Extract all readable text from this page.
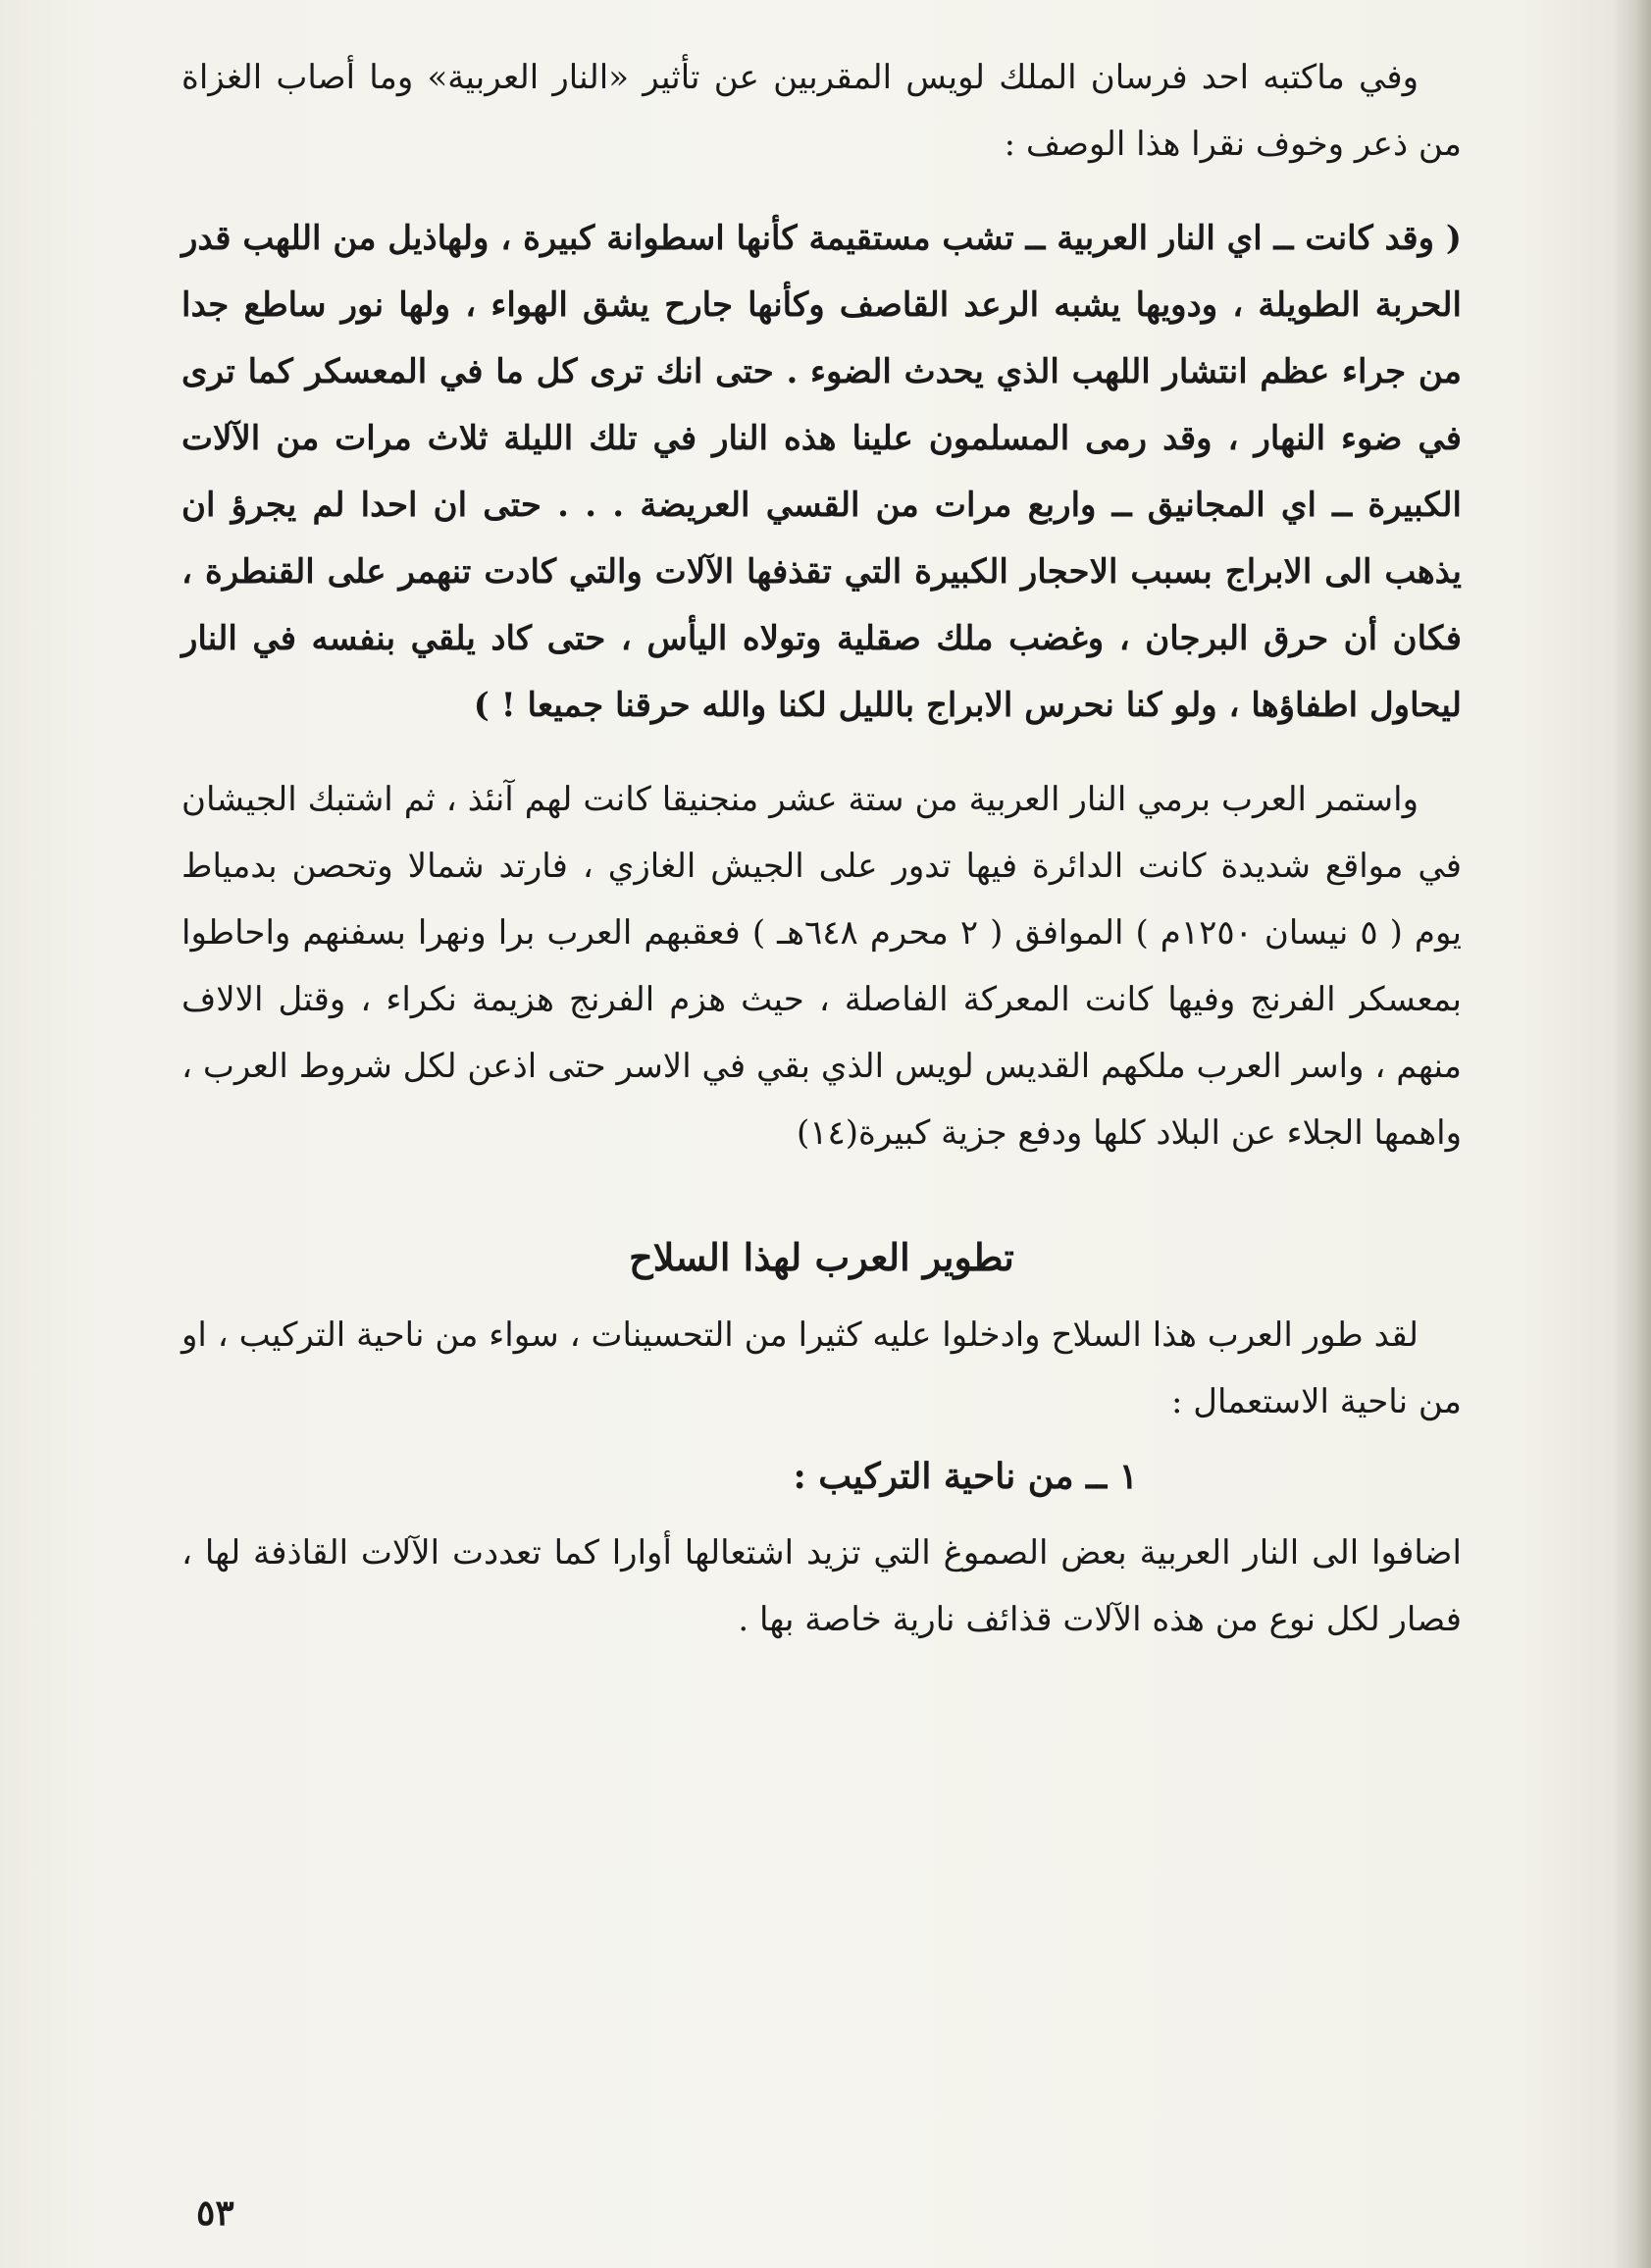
وفي ماكتبه احد فرسان الملك لويس المقربين عن تأثير «النار العربية» وما أصاب الغزاة من ذعر وخوف نقرا هذا الوصف :

( وقد كانت ــ اي النار العربية ــ تشب مستقيمة كأنها اسطوانة كبيرة ، ولهاذيل من اللهب قدر الحربة الطويلة ، ودويها يشبه الرعد القاصف وكأنها جارح يشق الهواء ، ولها نور ساطع جدا من جراء عظم انتشار اللهب الذي يحدث الضوء . حتى انك ترى كل ما في المعسكر كما ترى في ضوء النهار ، وقد رمى المسلمون علينا هذه النار في تلك الليلة ثلاث مرات من الآلات الكبيرة ــ اي المجانيق ــ واربع مرات من القسي العريضة . . . حتى ان احدا لم يجرؤ ان يذهب الى الابراج بسبب الاحجار الكبيرة التي تقذفها الآلات والتي كادت تنهمر على القنطرة ، فكان أن حرق البرجان ، وغضب ملك صقلية وتولاه اليأس ، حتى كاد يلقي بنفسه في النار ليحاول اطفاؤها ، ولو كنا نحرس الابراج بالليل لكنا والله حرقنا جميعا ! )

واستمر العرب برمي النار العربية من ستة عشر منجنيقا كانت لهم آنئذ ، ثم اشتبك الجيشان في مواقع شديدة كانت الدائرة فيها تدور على الجيش الغازي ، فارتد شمالا وتحصن بدمياط يوم ( ٥ نيسان ١٢٥٠م ) الموافق ( ٢ محرم ٦٤٨هـ ) فعقبهم العرب برا ونهرا بسفنهم واحاطوا بمعسكر الفرنج وفيها كانت المعركة الفاصلة ، حيث هزم الفرنج هزيمة نكراء ، وقتل الالاف منهم ، واسر العرب ملكهم القديس لويس الذي بقي في الاسر حتى اذعن لكل شروط العرب ، واهمها الجلاء عن البلاد كلها ودفع جزية كبيرة(١٤)

تطوير العرب لهذا السلاح

لقد طور العرب هذا السلاح وادخلوا عليه كثيرا من التحسينات ، سواء من ناحية التركيب ، او من ناحية الاستعمال :

١ ــ من ناحية التركيب :

اضافوا الى النار العربية بعض الصموغ التي تزيد اشتعالها أوارا كما تعددت الآلات القاذفة لها ، فصار لكل نوع من هذه الآلات قذائف نارية خاصة بها .

٥٣
